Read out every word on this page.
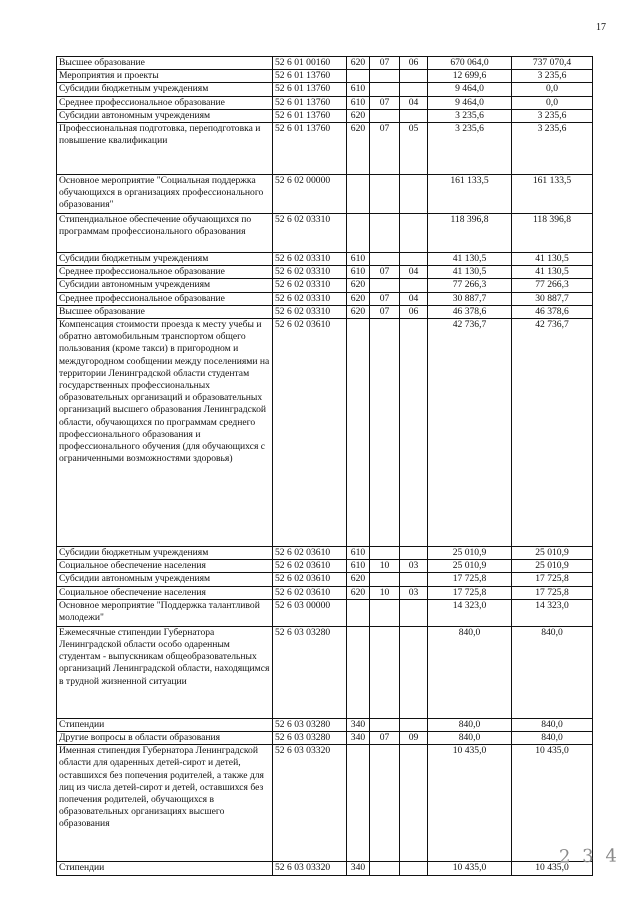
17
Высшее образование	52 6 01 00160	620	07	06	670 064,0	737 070,4
Мероприятия и проекты	52 6 01 13760				12 699,6	3 235,6
Субсидии бюджетным учреждениям	52 6 01 13760	610			9 464,0	0,0
Среднее профессиональное образование	52 6 01 13760	610	07	04	9 464,0	0,0
Субсидии автономным учреждениям	52 6 01 13760	620			3 235,6	3 235,6
Профессиональная подготовка, переподготовка и повышение квалификации	52 6 01 13760	620	07	05	3 235,6	3 235,6
Основное мероприятие "Социальная поддержка обучающихся в организациях профессионального образования"	52 6 02 00000				161 133,5	161 133,5
Стипендиальное обеспечение обучающихся по программам профессионального образования	52 6 02 03310				118 396,8	118 396,8
Субсидии бюджетным учреждениям	52 6 02 03310	610			41 130,5	41 130,5
Среднее профессиональное образование	52 6 02 03310	610	07	04	41 130,5	41 130,5
Субсидии автономным учреждениям	52 6 02 03310	620			77 266,3	77 266,3
Среднее профессиональное образование	52 6 02 03310	620	07	04	30 887,7	30 887,7
Высшее образование	52 6 02 03310	620	07	06	46 378,6	46 378,6
Компенсация стоимости проезда к месту учебы и обратно автомобильным транспортом общего пользования (кроме такси) в пригородном и междугородном сообщении между поселениями на территории Ленинградской области студентам государственных профессиональных образовательных организаций и образовательных организаций высшего образования Ленинградской области, обучающихся по программам среднего профессионального образования и профессионального обучения (для обучающихся с ограниченными возможностями здоровья)	52 6 02 03610				42 736,7	42 736,7
Субсидии бюджетным учреждениям	52 6 02 03610	610			25 010,9	25 010,9
Социальное обеспечение населения	52 6 02 03610	610	10	03	25 010,9	25 010,9
Субсидии автономным учреждениям	52 6 02 03610	620			17 725,8	17 725,8
Социальное обеспечение населения	52 6 02 03610	620	10	03	17 725,8	17 725,8
Основное мероприятие "Поддержка талантливой молодежи"	52 6 03 00000				14 323,0	14 323,0
Ежемесячные стипендии Губернатора Ленинградской области особо одаренным студентам - выпускникам общеобразовательных организаций Ленинградской области, находящимся в трудной жизненной ситуации	52 6 03 03280				840,0	840,0
Стипендии	52 6 03 03280	340			840,0	840,0
Другие вопросы в области образования	52 6 03 03280	340	07	09	840,0	840,0
Именная стипендия Губернатора Ленинградской области для одаренных детей-сирот и детей, оставшихся без попечения родителей, а также для лиц из числа детей-сирот и детей, оставшихся без попечения родителей, обучающихся в образовательных организациях высшего образования	52 6 03 03320				10 435,0	10 435,0
Стипендии	52 6 03 03320	340			10 435,0	10 435,0
2 3 4
